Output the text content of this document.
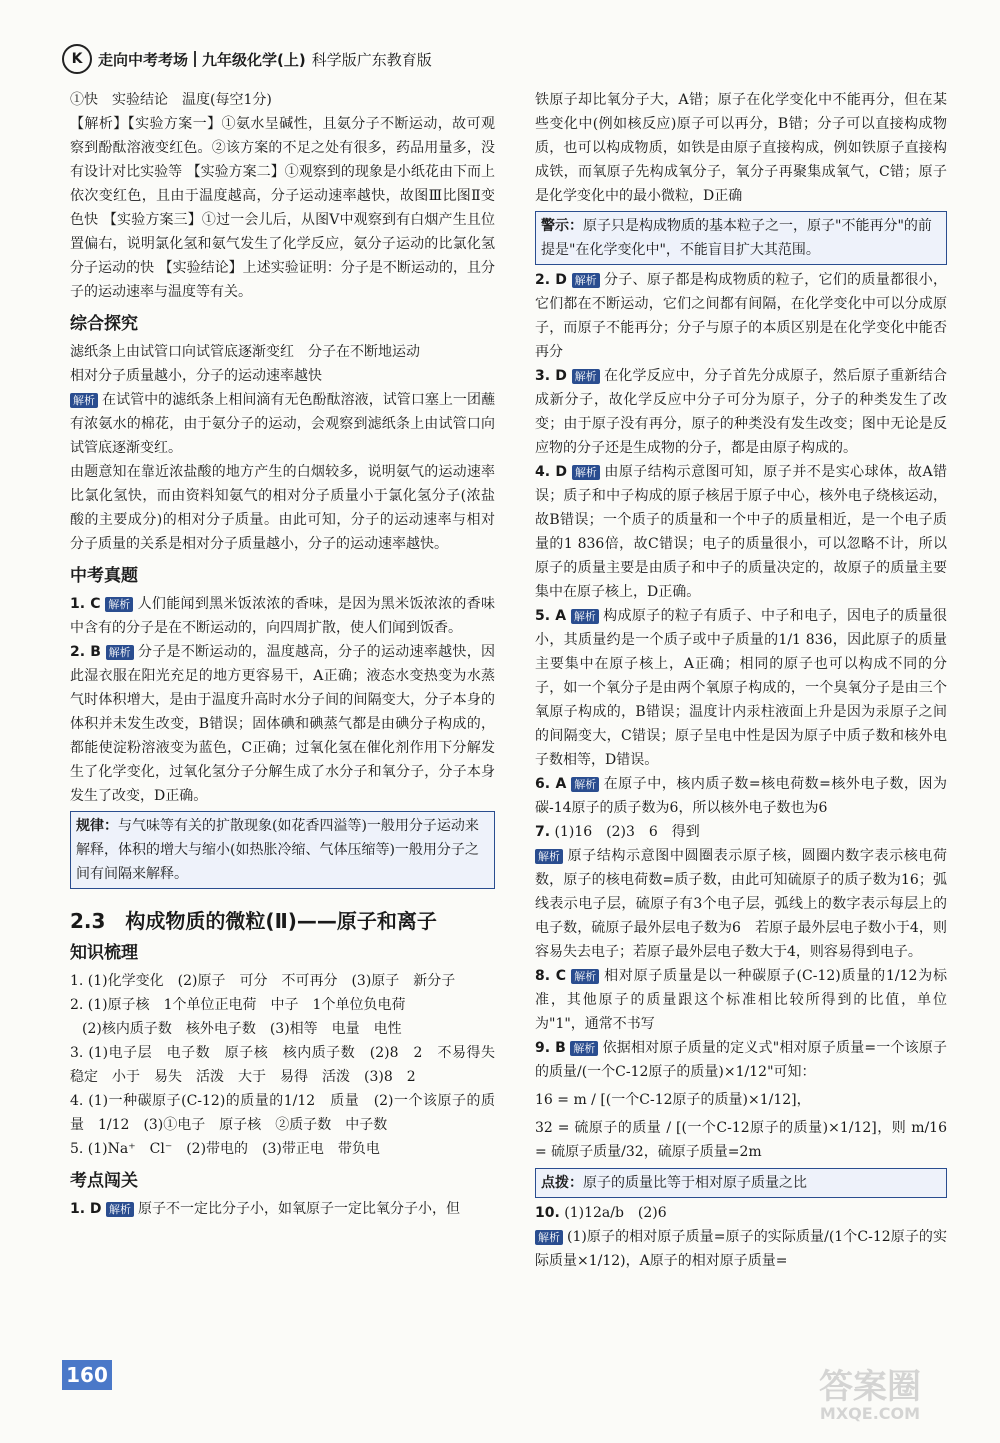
K	走向中考考场 九年级化学(上) 科学版广东教育版

①快　实验结论　温度(每空1分)

【解析】【实验方案一】①氨水呈碱性，且氨分子不断运动，故可观察到酚酞溶液变红色。②该方案的不足之处有很多，药品用量多，没有设计对比实验等 【实验方案二】①观察到的现象是小纸花由下而上依次变红色，且由于温度越高，分子运动速率越快，故图Ⅲ比图Ⅱ变色快 【实验方案三】①过一会儿后，从图V中观察到有白烟产生且位置偏右，说明氯化氢和氨气发生了化学反应，氨分子运动的比氯化氢分子运动的快 【实验结论】上述实验证明：分子是不断运动的，且分子的运动速率与温度等有关。

综合探究

滤纸条上由试管口向试管底逐渐变红　分子在不断地运动

相对分子质量越小，分子的运动速率越快

解析 在试管中的滤纸条上相间滴有无色酚酞溶液，试管口塞上一团蘸有浓氨水的棉花，由于氨分子的运动，会观察到滤纸条上由试管口向试管底逐渐变红。

由题意知在靠近浓盐酸的地方产生的白烟较多，说明氨气的运动速率比氯化氢快，而由资料知氨气的相对分子质量小于氯化氢分子(浓盐酸的主要成分)的相对分子质量。由此可知，分子的运动速率与相对分子质量的关系是相对分子质量越小，分子的运动速率越快。

中考真题

1. C 解析 人们能闻到黑米饭浓浓的香味，是因为黑米饭浓浓的香味中含有的分子是在不断运动的，向四周扩散，使人们闻到饭香。

2. B 解析 分子是不断运动的，温度越高，分子的运动速率越快，因此湿衣服在阳光充足的地方更容易干，A正确；液态水变热变为水蒸气时体积增大，是由于温度升高时水分子间的间隔变大，分子本身的体积并未发生改变，B错误；固体碘和碘蒸气都是由碘分子构成的，都能使淀粉溶液变为蓝色，C正确；过氧化氢在催化剂作用下分解发生了化学变化，过氧化氢分子分解生成了水分子和氧分子，分子本身发生了改变，D正确。

规律：与气味等有关的扩散现象(如花香四溢等)一般用分子运动来解释，体积的增大与缩小(如热胀冷缩、气体压缩等)一般用分子之间有间隔来解释。
2.3　构成物质的微粒(Ⅱ)——原子和离子
知识梳理

1. (1)化学变化　(2)原子　可分　不可再分　(3)原子　新分子

2. (1)原子核　1个单位正电荷　中子　1个单位负电荷

(2)核内质子数　核外电子数　(3)相等　电量　电性

3. (1)电子层　电子数　原子核　核内质子数　(2)8　2　不易得失　稳定　小于　易失　活泼　大于　易得　活泼　(3)8　2

4. (1)一种碳原子(C-12)的质量的1/12　质量　(2)一个该原子的质量　1/12　(3)①电子　原子核　②质子数　中子数

5. (1)Na⁺　Cl⁻　(2)带电的　(3)带正电　带负电

考点闯关

1. D 解析 原子不一定比分子小，如氧原子一定比氧分子小，但

铁原子却比氧分子大，A错；原子在化学变化中不能再分，但在某些变化中(例如核反应)原子可以再分，B错；分子可以直接构成物质，也可以构成物质，如铁是由原子直接构成，例如铁原子直接构成铁，而氧原子先构成氧分子，氧分子再聚集成氧气，C错；原子是化学变化中的最小微粒，D正确

警示：原子只是构成物质的基本粒子之一，原子"不能再分"的前提是"在化学变化中"，不能盲目扩大其范围。

2. D 解析 分子、原子都是构成物质的粒子，它们的质量都很小，它们都在不断运动，它们之间都有间隔，在化学变化中可以分成原子，而原子不能再分；分子与原子的本质区别是在化学变化中能否再分

3. D 解析 在化学反应中，分子首先分成原子，然后原子重新结合成新分子，故化学反应中分子可分为原子，分子的种类发生了改变；由于原子没有再分，原子的种类没有发生改变；图中无论是反应物的分子还是生成物的分子，都是由原子构成的。

4. D 解析 由原子结构示意图可知，原子并不是实心球体，故A错误；质子和中子构成的原子核居于原子中心，核外电子绕核运动，故B错误；一个质子的质量和一个中子的质量相近，是一个电子质量的1 836倍，故C错误；电子的质量很小，可以忽略不计，所以原子的质量主要是由质子和中子的质量决定的，故原子的质量主要集中在原子核上，D正确。

5. A 解析 构成原子的粒子有质子、中子和电子，因电子的质量很小，其质量约是一个质子或中子质量的1/1 836，因此原子的质量主要集中在原子核上，A正确；相同的原子也可以构成不同的分子，如一个氧分子是由两个氧原子构成的，一个臭氧分子是由三个氧原子构成的，B错误；温度计内汞柱液面上升是因为汞原子之间的间隔变大，C错误；原子呈电中性是因为原子中质子数和核外电子数相等，D错误。

6. A 解析 在原子中，核内质子数=核电荷数=核外电子数，因为碳-14原子的质子数为6，所以核外电子数也为6

7. (1)16　(2)3　6　得到

解析 原子结构示意图中圆圈表示原子核，圆圈内数字表示核电荷数，原子的核电荷数=质子数，由此可知硫原子的质子数为16；弧线表示电子层，硫原子有3个电子层，弧线上的数字表示每层上的电子数，硫原子最外层电子数为6　若原子最外层电子数小于4，则容易失去电子；若原子最外层电子数大于4，则容易得到电子。

8. C 解析 相对原子质量是以一种碳原子(C-12)质量的1/12为标准，其他原子的质量跟这个标准相比较所得到的比值，单位为"1"，通常不书写

9. B 解析 依据相对原子质量的定义式"相对原子质量=一个该原子的质量/(一个C-12原子的质量)×1/12"可知：

16 = m / [(一个C-12原子的质量)×1/12]，

32 = 硫原子的质量 / [(一个C-12原子的质量)×1/12]，则 m/16 = 硫原子质量/32，硫原子质量=2m

点拨：原子的质量比等于相对原子质量之比

10. (1)12a/b　(2)6

解析 (1)原子的相对原子质量=原子的实际质量/(1个C-12原子的实际质量×1/12)，A原子的相对原子质量=

160	答案圈
MXQE.COM
